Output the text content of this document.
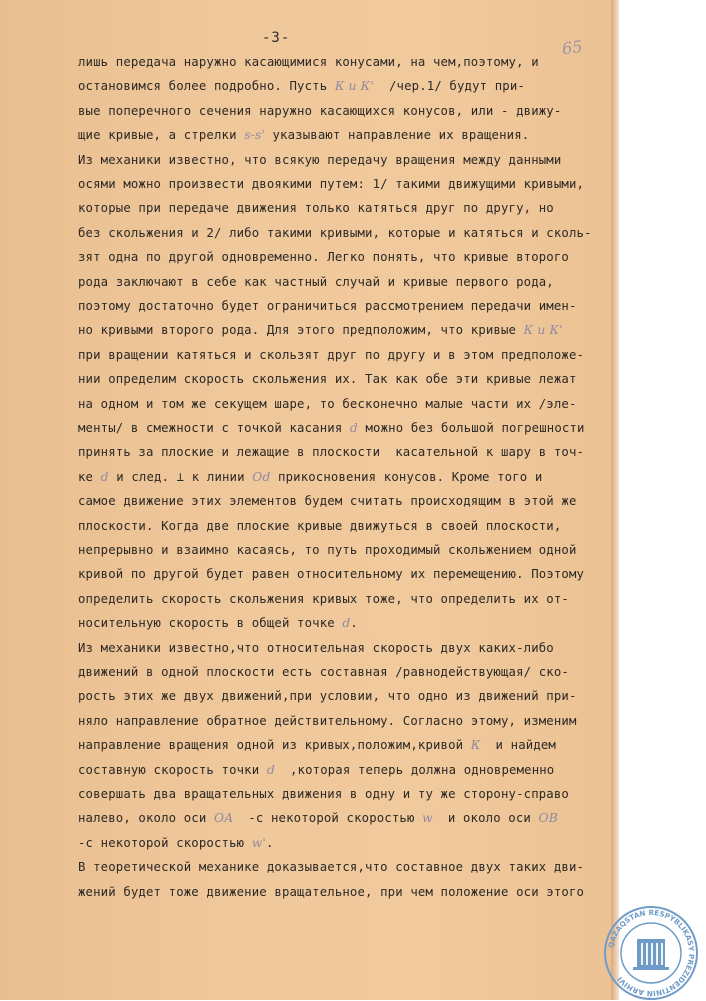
-3-	65
лишь передача наружно касающимися конусами, на чем,поэтому, и
остановимся более подробно. Пусть К и К'  /чер.1/ будут при-
вые поперечного сечения наружно касающихся конусов, или - движу-
щие кривые, а стрелки s-s' указывают направление их вращения.
Из механики известно, что всякую передачу вращения между данными
осями можно произвести двоякими путем: 1/ такими движущими кривыми,
которые при передаче движения только катяться друг по другу, но
без скольжения и 2/ либо такими кривыми, которые и катяться и сколь-
зят одна по другой одновременно. Легко понять, что кривые второго
рода заключают в себе как частный случай и кривые первого рода,
поэтому достаточно будет ограничиться рассмотрением передачи имен-
но кривыми второго рода. Для этого предположим, что кривые К и К'
при вращении катяться и скользят друг по другу и в этом предположе-
нии определим скорость скольжения их. Так как обе эти кривые лежат
на одном и том же секущем шаре, то бесконечно малые части их /эле-
менты/ в смежности с точкой касания d можно без большой погрешности
принять за плоские и лежащие в плоскости  касательной к шару в точ-
ке d и след. ⊥ к линии Od прикосновения конусов. Кроме того и
самое движение этих элементов будем считать происходящим в этой же
плоскости. Когда две плоские кривые движуться в своей плоскости,
непрерывно и взаимно касаясь, то путь проходимый скольжением одной
кривой по другой будет равен относительному их перемещению. Поэтому
определить скорость скольжения кривых тоже, что определить их от-
носительную скорость в общей точке d.
Из механики известно,что относительная скорость двух каких-либо
движений в одной плоскости есть составная /равнодействующая/ ско-
рость этих же двух движений,при условии, что одно из движений при-
няло направление обратное действительному. Согласно этому, изменим
направление вращения одной из кривых,положим,кривой К  и найдем
составную скорость точки d  ,которая теперь должна одновременно
совершать два вращательных движения в одну и ту же сторону-справо
налево, около оси OA  -с некоторой скоростью w  и около оси OB
-с некоторой скоростью w'.
В теоретической механике доказывается,что составное двух таких дви-
жений будет тоже движение вращательное, при чем положение оси этого
QAZAQSTAN RESPÝBLIKASY PREZIDENTINIŃ ARHIVI
